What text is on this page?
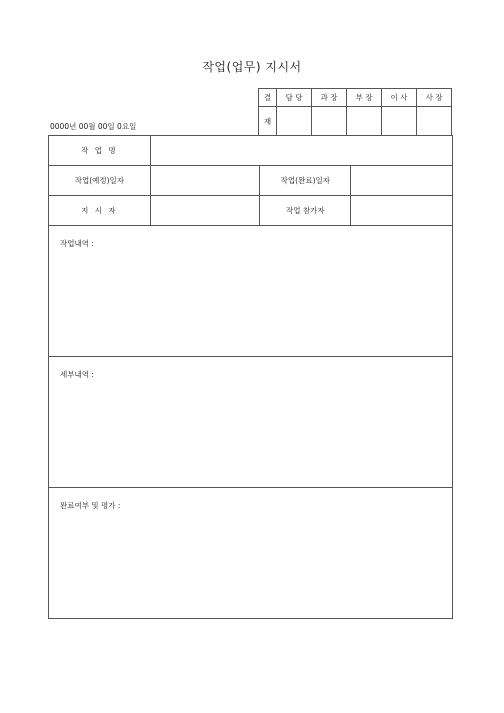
작업(업무) 지시서
0000년 00월 00일 0요일
결	담 당	과 장	부 장	이 사	사 장
재					
작 업 명			
작업(예정)일자		작업(완료)일자	
지 시 자		작업 참가자	
작업내역 :			
세부내역 :			
완료여부 및 평가 :			
